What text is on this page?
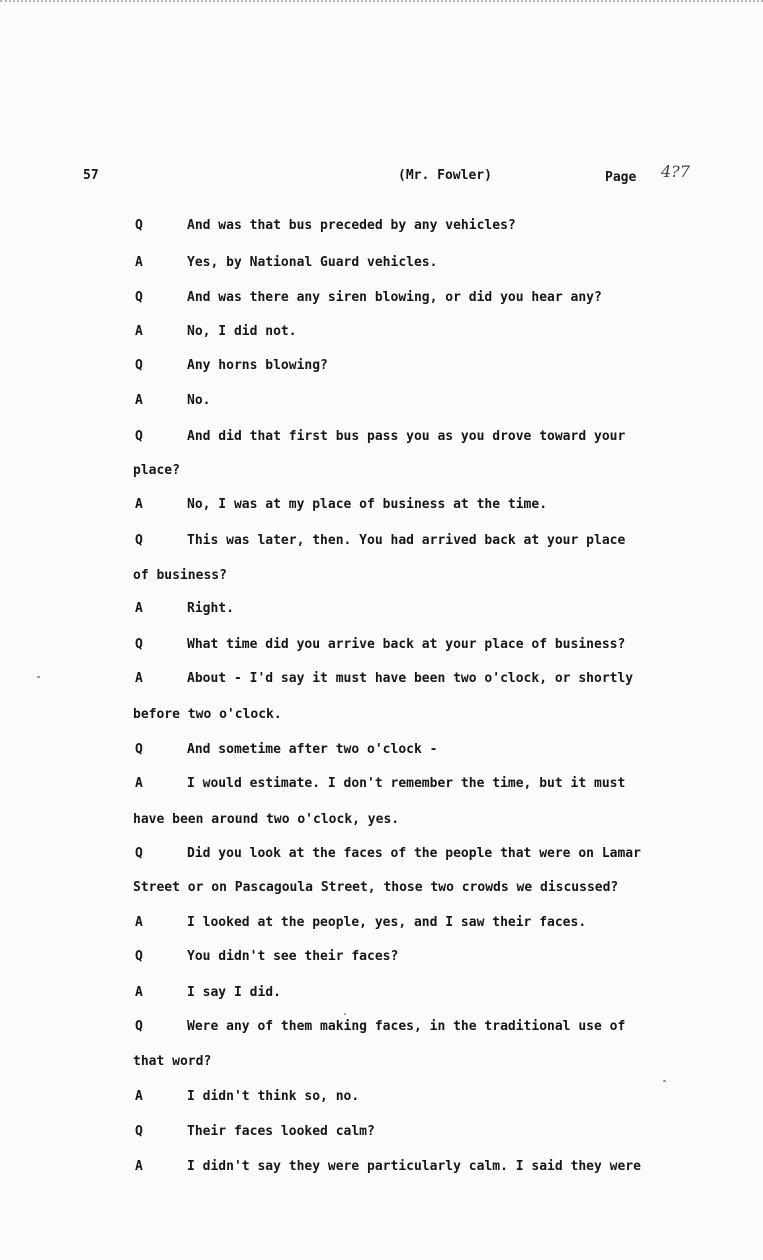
57	(Mr. Fowler)	Page 4?7
Q	And was that bus preceded by any vehicles?
A	Yes, by National Guard vehicles.
Q	And was there any siren blowing, or did you hear any?
A	No, I did not.
Q	Any horns blowing?
A	No.
Q	And did that first bus pass you as you drove toward your
place?
A	No, I was at my place of business at the time.
Q	This was later, then. You had arrived back at your place
of business?
A	Right.
Q	What time did you arrive back at your place of business?
A	About - I'd say it must have been two o'clock, or shortly
before two o'clock.
Q	And sometime after two o'clock -
A	I would estimate. I don't remember the time, but it must
have been around two o'clock, yes.
Q	Did you look at the faces of the people that were on Lamar
Street or on Pascagoula Street, those two crowds we discussed?
A	I looked at the people, yes, and I saw their faces.
Q	You didn't see their faces?
A	I say I did.
Q	Were any of them making faces, in the traditional use of
that word?
A	I didn't think so, no.
Q	Their faces looked calm?
A	I didn't say they were particularly calm. I said they were
